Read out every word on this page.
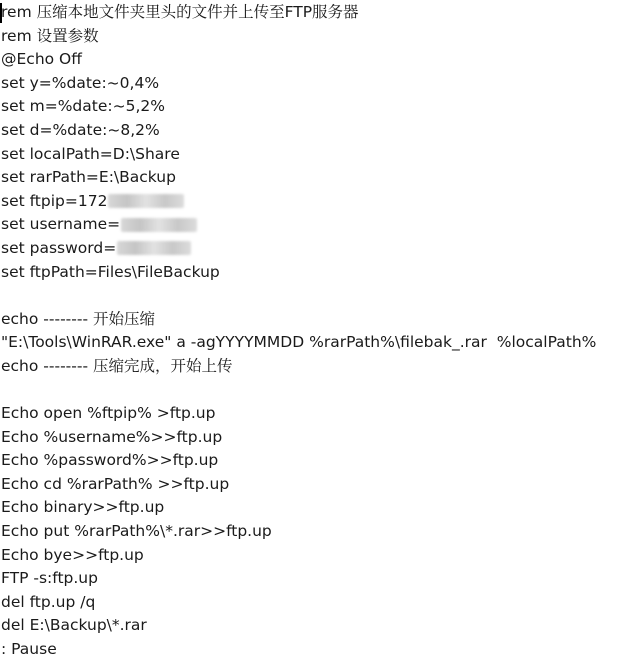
rem 压缩本地文件夹里头的文件并上传至FTP服务器
rem 设置参数
@Echo Off
set y=%date:~0,4%
set m=%date:~5,2%
set d=%date:~8,2%
set localPath=D:\Share
set rarPath=E:\Backup
set ftpip=172
set username=
set password=
set ftpPath=Files\FileBackup
echo -------- 开始压缩
"E:\Tools\WinRAR.exe" a -agYYYYMMDD %rarPath%\filebak_.rar  %localPath%
echo -------- 压缩完成，开始上传
Echo open %ftpip% >ftp.up
Echo %username%>>ftp.up
Echo %password%>>ftp.up
Echo cd %rarPath% >>ftp.up
Echo binary>>ftp.up
Echo put %rarPath%\*.rar>>ftp.up
Echo bye>>ftp.up
FTP -s:ftp.up
del ftp.up /q
del E:\Backup\*.rar
: Pause
